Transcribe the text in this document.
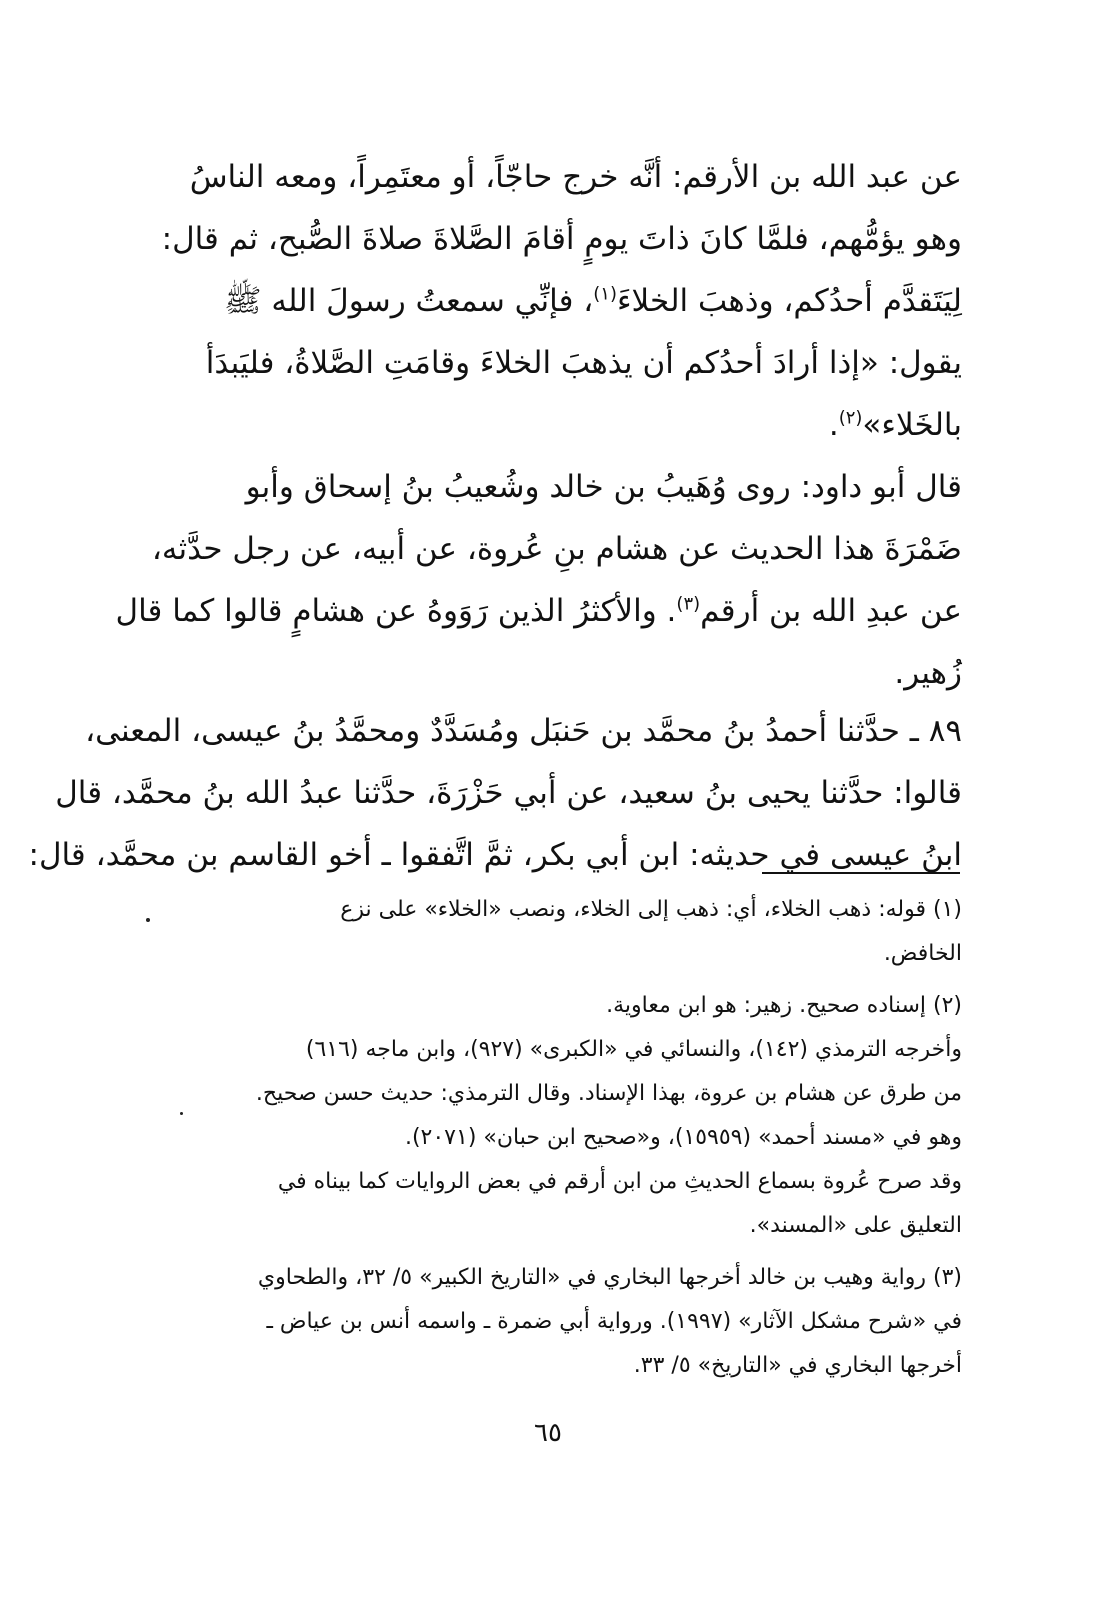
عن عبد الله بن الأرقم: أنَّه خرج حاجّاً، أو معتَمِراً، ومعه الناسُ
وهو يؤمُّهم، فلمَّا كانَ ذاتَ يومٍ أقامَ الصَّلاةَ صلاةَ الصُّبح، ثم قال:
لِيَتَقدَّم أحدُكم، وذهبَ الخلاءَ$^{(١)}$، فإنِّي سمعتُ رسولَ الله ﷺ
يقول: «إذا أرادَ أحدُكم أن يذهبَ الخلاءَ وقامَتِ الصَّلاةُ، فليَبدَأ
بالخَلاء»$^{(٢)}$.
قال أبو داود: روى وُهَيبُ بن خالد وشُعيبُ بنُ إسحاق وأبو
ضَمْرَةَ هذا الحديث عن هشام بنِ عُروة، عن أبيه، عن رجل حدَّثه،
عن عبدِ الله بن أرقم$^{(٣)}$. والأكثرُ الذين رَوَوهُ عن هشامٍ قالوا كما قال
زُهير.
٨٩ ـ حدَّثنا أحمدُ بنُ محمَّد بن حَنبَل ومُسَدَّدٌ ومحمَّدُ بنُ عيسى، المعنى،
قالوا: حدَّثنا يحيى بنُ سعيد، عن أبي حَزْرَةَ، حدَّثنا عبدُ الله بنُ محمَّد، قال
ابنُ عيسى في حديثه: ابن أبي بكر، ثمَّ اتَّفقوا ـ أخو القاسم بن محمَّد، قال:
(١) قوله: ذهب الخلاء، أي: ذهب إلى الخلاء، ونصب «الخلاء» على نزع
الخافض.
(٢) إسناده صحيح. زهير: هو ابن معاوية.
وأخرجه الترمذي (١٤٢)، والنسائي في «الكبرى» (٩٢٧)، وابن ماجه (٦١٦)
من طرق عن هشام بن عروة، بهذا الإسناد. وقال الترمذي: حديث حسن صحيح.
وهو في «مسند أحمد» (١٥٩٥٩)، و«صحيح ابن حبان» (٢٠٧١).
وقد صرح عُروة بسماع الحديثِ من ابن أرقم في بعض الروايات كما بيناه في
التعليق على «المسند».
(٣) رواية وهيب بن خالد أخرجها البخاري في «التاريخ الكبير» ٥/ ٣٢، والطحاوي
في «شرح مشكل الآثار» (١٩٩٧). ورواية أبي ضمرة ـ واسمه أنس بن عياض ـ
أخرجها البخاري في «التاريخ» ٥/ ٣٣.
٦٥
